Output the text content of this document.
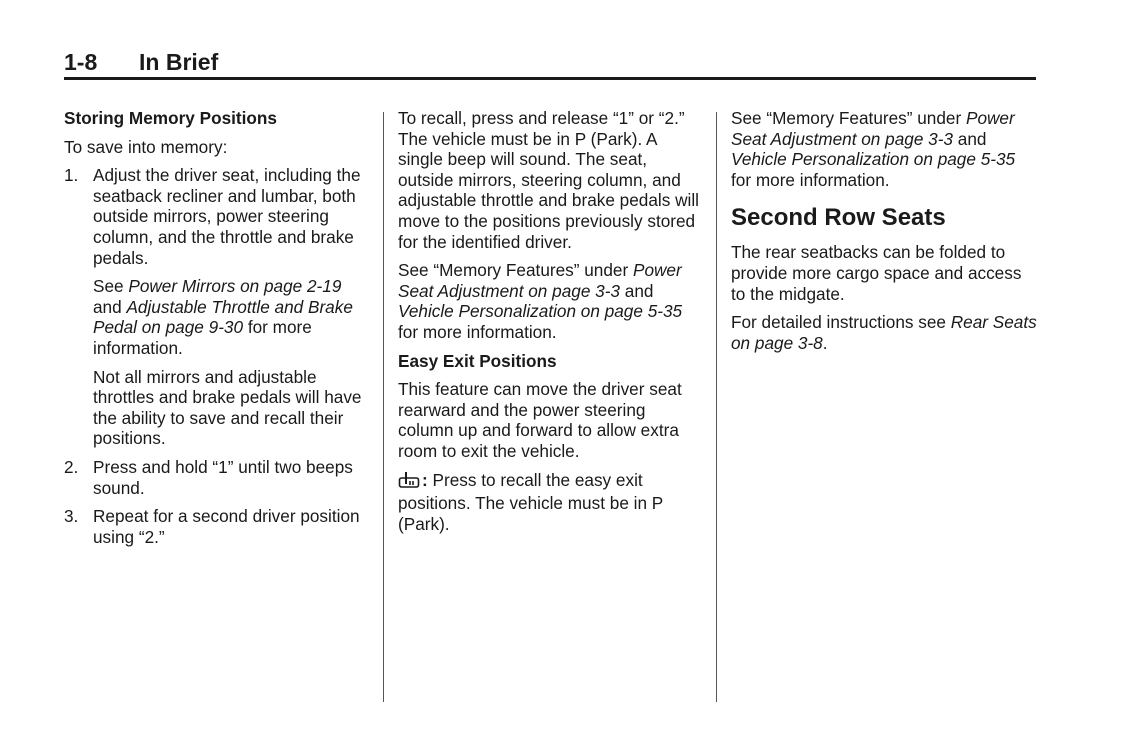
1-8	In Brief

Storing Memory Positions

To save into memory:

1. Adjust the driver seat, including the seatback recliner and lumbar, both outside mirrors, power steering column, and the throttle and brake pedals.

See Power Mirrors on page 2-19 and Adjustable Throttle and Brake Pedal on page 9-30 for more information.

Not all mirrors and adjustable throttles and brake pedals will have the ability to save and recall their positions.

2. Press and hold “1” until two beeps sound.
3. Repeat for a second driver position using “2.”

To recall, press and release “1” or “2.” The vehicle must be in P (Park). A single beep will sound. The seat, outside mirrors, steering column, and adjustable throttle and brake pedals will move to the positions previously stored for the identified driver.

See “Memory Features” under Power Seat Adjustment on page 3-3 and Vehicle Personalization on page 5-35 for more information.

Easy Exit Positions

This feature can move the driver seat rearward and the power steering column up and forward to allow extra room to exit the vehicle.

: Press to recall the easy exit positions. The vehicle must be in P (Park).

See “Memory Features” under Power Seat Adjustment on page 3-3 and Vehicle Personalization on page 5-35 for more information.

Second Row Seats

The rear seatbacks can be folded to provide more cargo space and access to the midgate.

For detailed instructions see Rear Seats on page 3-8.
